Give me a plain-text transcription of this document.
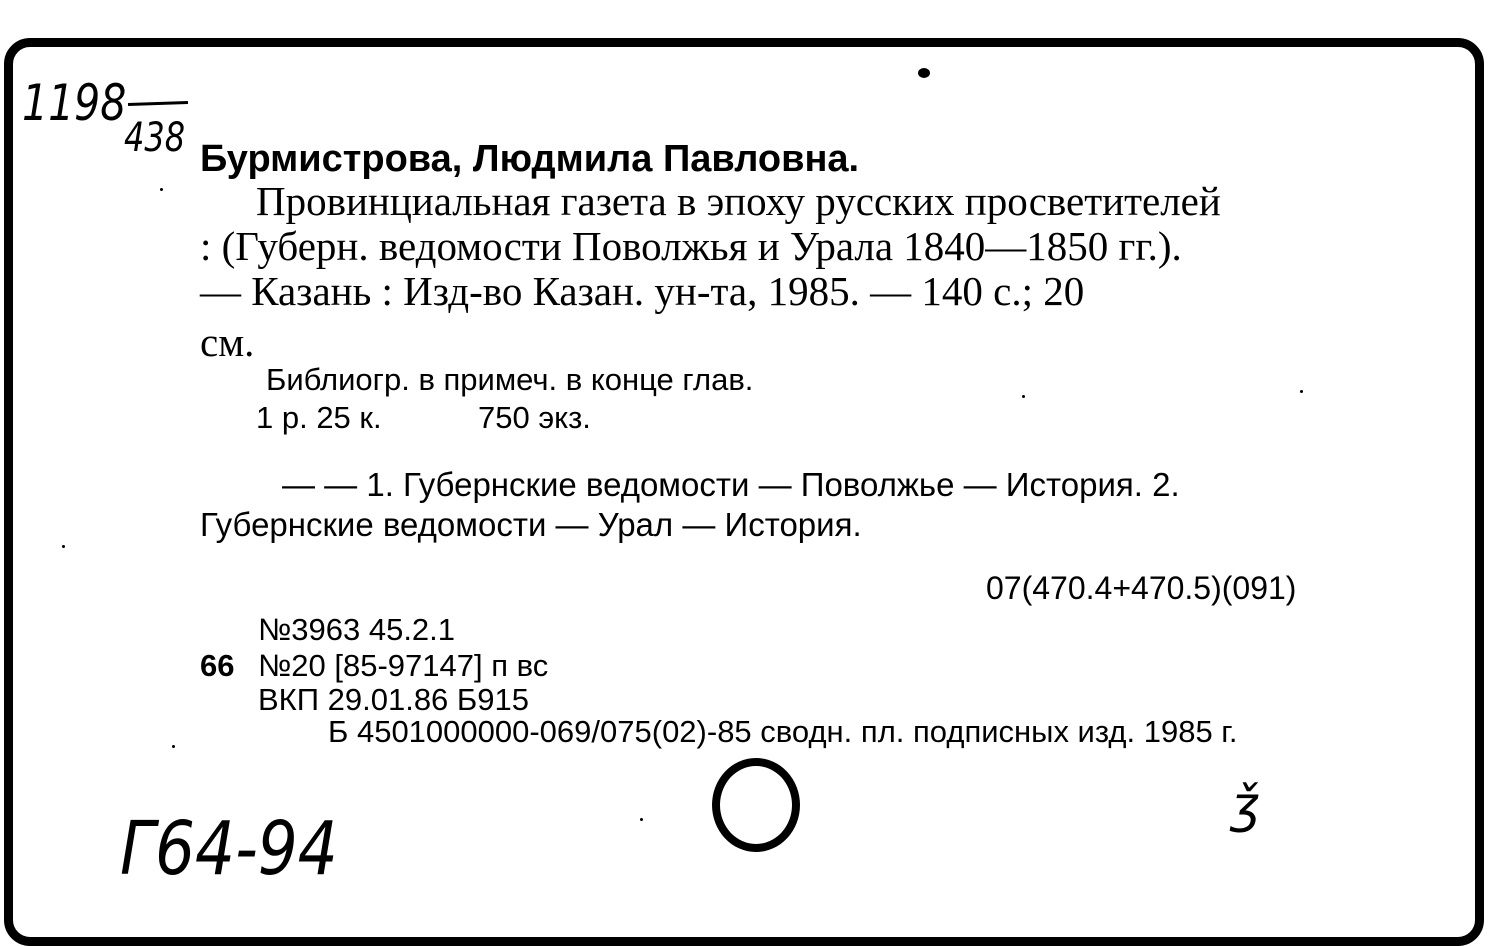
1198
438 Бурмистрова, Людмила Павловна.
Провинциальная газета в эпоху русских просветителей
: (Губерн. ведомости Поволжья и Урала 1840—1850 гг.).
— Казань : Изд-во Казан. ун-та, 1985. — 140 с.; 20
см.
Библиогр. в примеч. в конце глав.
1 р. 25 к.	750 экз.
— — 1. Губернские ведомости — Поволжье — История. 2.
Губернские ведомости — Урал — История.
07(470.4+470.5)(091)
№3963 45.2.1
66 №20 [85-97147] п вс
ВКП 29.01.86 Б915
Б 4501000000-069/075(02)-85 сводн. пл. подписных изд. 1985 г.
Г64-94
ǯ
